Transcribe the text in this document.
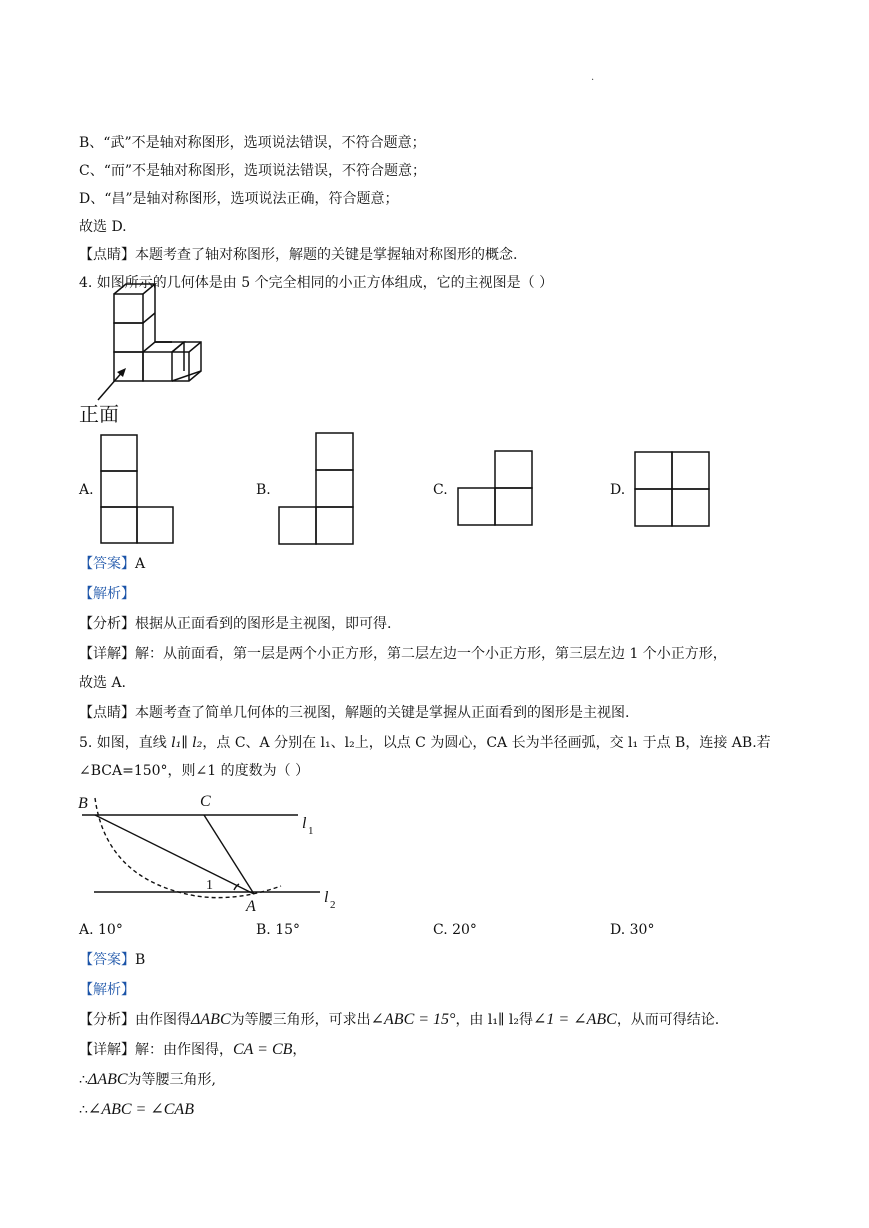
.
B、“武”不是轴对称图形，选项说法错误，不符合题意；
C、“而”不是轴对称图形，选项说法错误，不符合题意；
D、“昌”是轴对称图形，选项说法正确，符合题意；
故选 D.
【点睛】本题考查了轴对称图形，解题的关键是掌握轴对称图形的概念.
4. 如图所示的几何体是由 5 个完全相同的小正方体组成，它的主视图是（ ）
正面
A.	B.	C.	D.
【答案】A
【解析】
【分析】根据从正面看到的图形是主视图，即可得.
【详解】解：从前面看，第一层是两个小正方形，第二层左边一个小正方形，第三层左边 1 个小正方形，
故选 A.
【点睛】本题考查了简单几何体的三视图，解题的关键是掌握从正面看到的图形是主视图.
5. 如图，直线 l₁∥ l₂，点 C、A 分别在 l₁、l₂上，以点 C 为圆心，CA 长为半径画弧，交 l₁ 于点 B，连接 AB.若
∠BCA=150°，则∠1 的度数为（ ）
B	C
A
1
l 1
l 2
A. 10°	B. 15°	C. 20°	D. 30°
【答案】B
【解析】
【分析】由作图得ΔABC为等腰三角形，可求出∠ABC = 15°，由 l₁∥ l₂得∠1 = ∠ABC，从而可得结论.
【详解】解：由作图得，CA = CB，
∴ΔABC为等腰三角形,
∴∠ABC = ∠CAB
